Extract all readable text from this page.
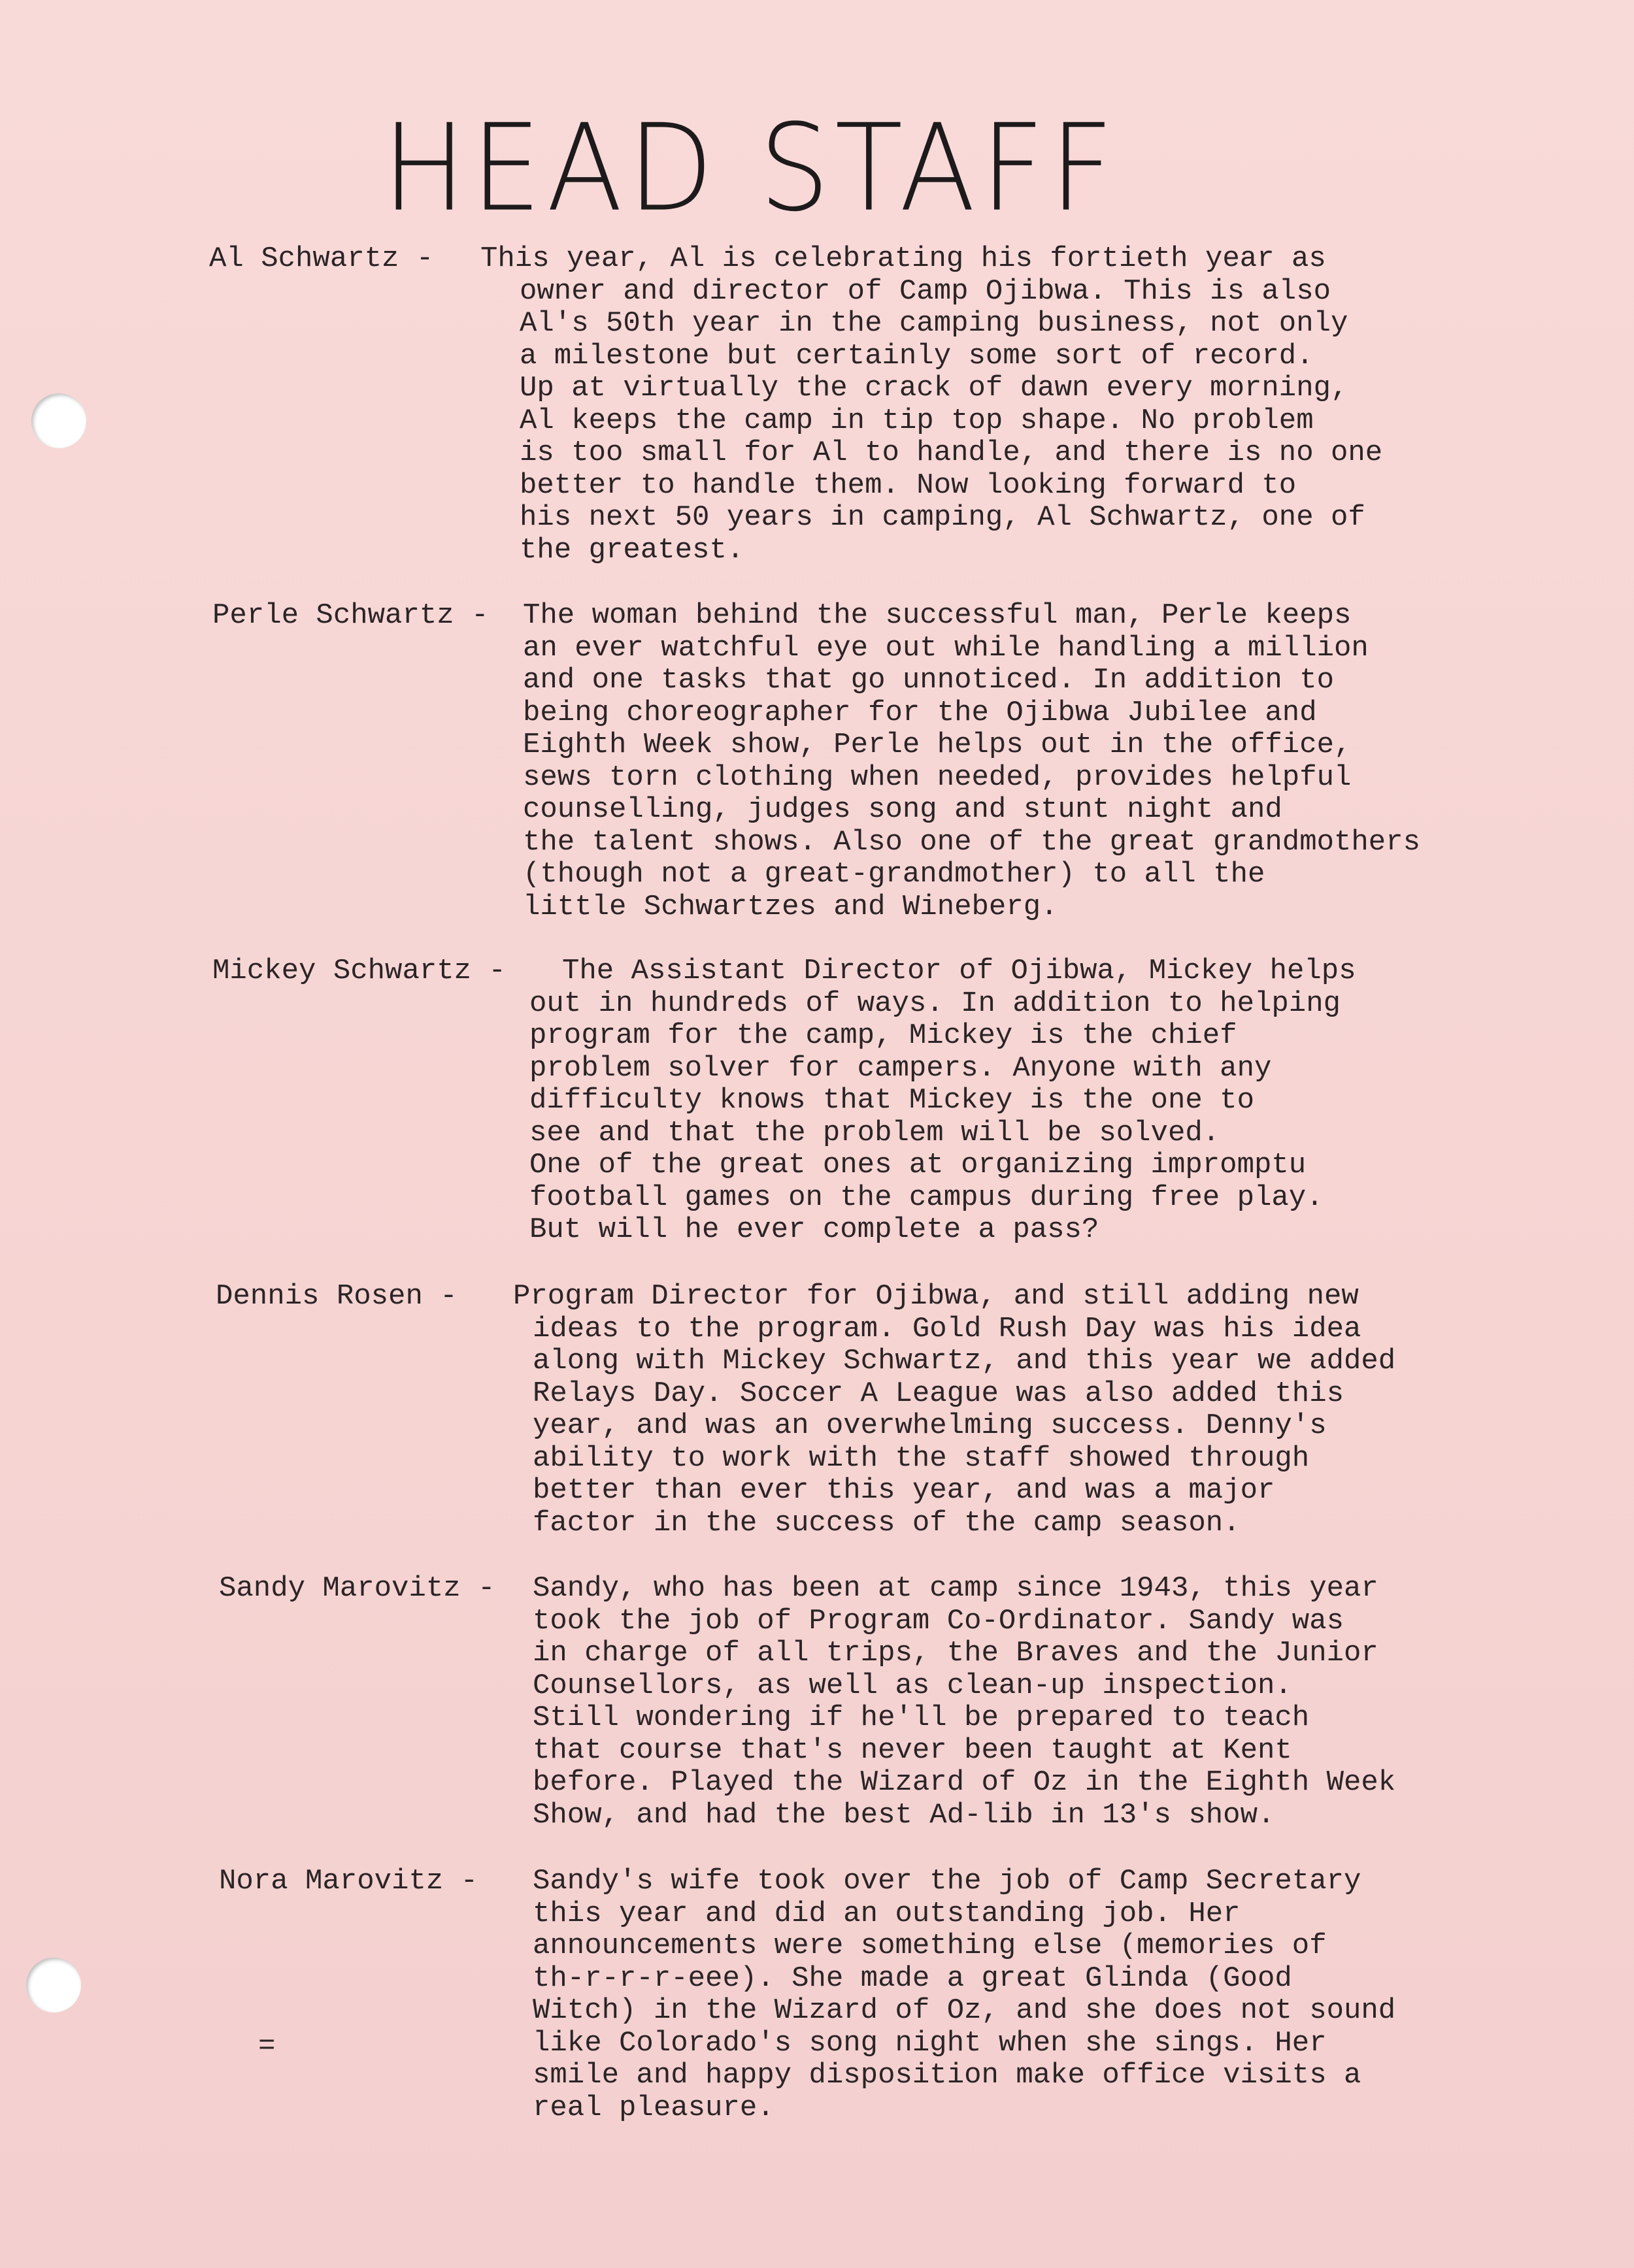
HEAD STAFF
=
Al Schwartz - This year, Al is celebrating his fortieth year as
owner and director of Camp Ojibwa. This is also
Al's 50th year in the camping business, not only
a milestone but certainly some sort of record.
Up at virtually the crack of dawn every morning,
Al keeps the camp in tip top shape. No problem
is too small for Al to handle, and there is no one
better to handle them. Now looking forward to
his next 50 years in camping, Al Schwartz, one of
the greatest.
Perle Schwartz - The woman behind the successful man, Perle keeps
an ever watchful eye out while handling a million
and one tasks that go unnoticed. In addition to
being choreographer for the Ojibwa Jubilee and
Eighth Week show, Perle helps out in the office,
sews torn clothing when needed, provides helpful
counselling, judges song and stunt night and
the talent shows. Also one of the great grandmothers
(though not a great-grandmother) to all the
little Schwartzes and Wineberg.
Mickey Schwartz - The Assistant Director of Ojibwa, Mickey helps
out in hundreds of ways. In addition to helping
program for the camp, Mickey is the chief
problem solver for campers. Anyone with any
difficulty knows that Mickey is the one to
see and that the problem will be solved.
One of the great ones at organizing impromptu
football games on the campus during free play.
But will he ever complete a pass?
Dennis Rosen - Program Director for Ojibwa, and still adding new
ideas to the program. Gold Rush Day was his idea
along with Mickey Schwartz, and this year we added
Relays Day. Soccer A League was also added this
year, and was an overwhelming success. Denny's
ability to work with the staff showed through
better than ever this year, and was a major
factor in the success of the camp season.
Sandy Marovitz - Sandy, who has been at camp since 1943, this year
took the job of Program Co-Ordinator. Sandy was
in charge of all trips, the Braves and the Junior
Counsellors, as well as clean-up inspection.
Still wondering if he'll be prepared to teach
that course that's never been taught at Kent
before. Played the Wizard of Oz in the Eighth Week
Show, and had the best Ad-lib in 13's show.
Nora Marovitz - Sandy's wife took over the job of Camp Secretary
this year and did an outstanding job. Her
announcements were something else (memories of
th-r-r-r-eee). She made a great Glinda (Good
Witch) in the Wizard of Oz, and she does not sound
like Colorado's song night when she sings. Her
smile and happy disposition make office visits a
real pleasure.
